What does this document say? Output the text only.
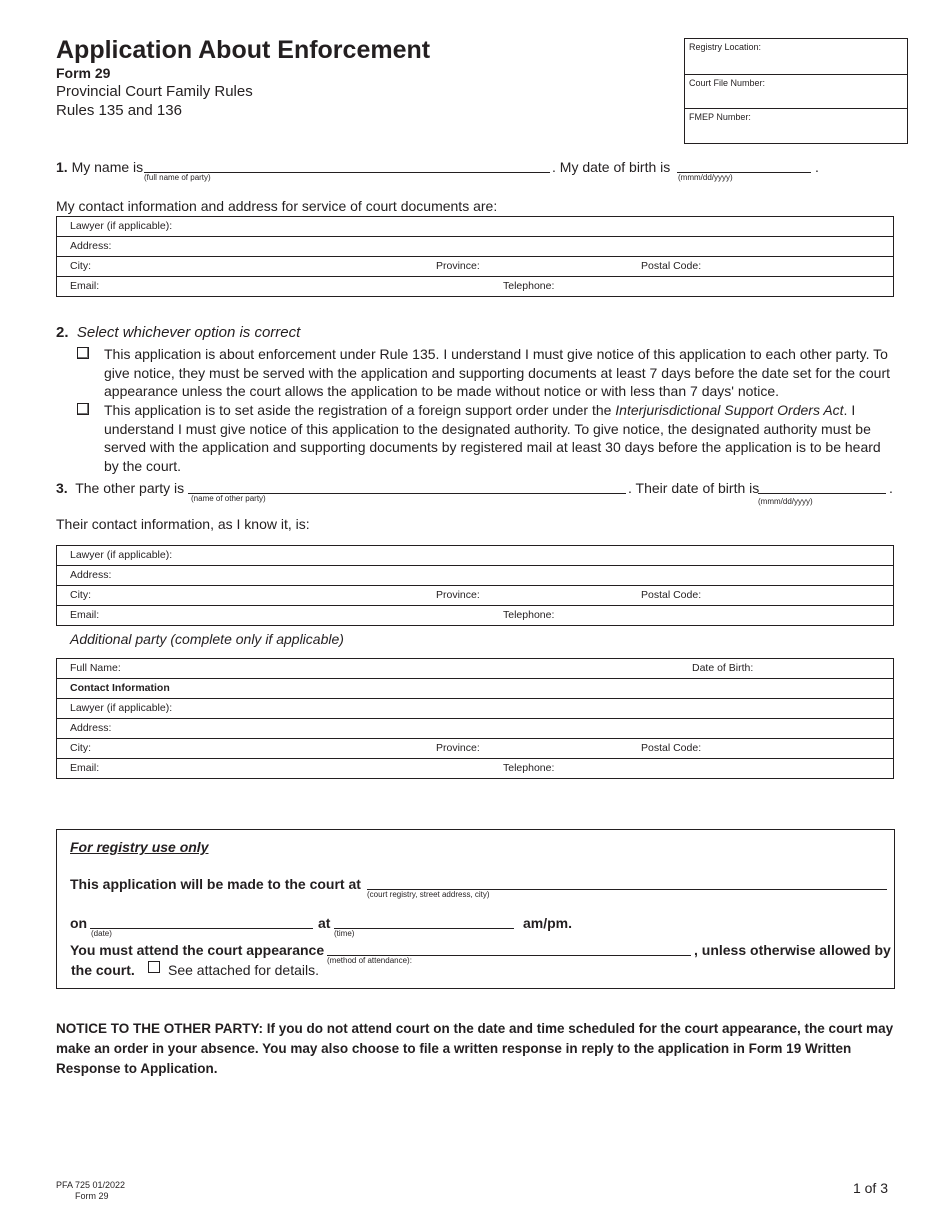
Application About Enforcement
Form 29
Provincial Court Family Rules
Rules 135 and 136
Registry Location:
Court File Number:
FMEP Number:
1. My name is
(full name of party)
. My date of birth is
(mmm/dd/yyyy)
.
My contact information and address for service of court documents are:
Lawyer (if applicable):

Address:

City:	Province:	Postal Code:

Email:	Telephone:
2. Select whichever option is correct
This application is about enforcement under Rule 135. I understand I must give notice of this application to each other party. To give notice, they must be served with the application and supporting documents at least 7 days before the date set for the court appearance unless the court allows the application to be made without notice or with less than 7 days' notice.
This application is to set aside the registration of a foreign support order under the Interjurisdictional Support Orders Act. I understand I must give notice of this application to the designated authority. To give notice, the designated authority must be served with the application and supporting documents by registered mail at least 30 days before the application is to be heard by the court.
3. The other party is
(name of other party)
. Their date of birth is
(mmm/dd/yyyy)
.
Their contact information, as I know it, is:
Lawyer (if applicable):

Address:

City:	Province:	Postal Code:

Email:	Telephone:
Additional party (complete only if applicable)
Full Name:	Date of Birth:

Contact Information

Lawyer (if applicable):

Address:

City:	Province:	Postal Code:

Email:	Telephone:
For registry use only
This application will be made to the court at
(court registry, street address, city)
on
(date)
at
(time)
am/pm.
You must attend the court appearance
(method of attendance):
, unless otherwise allowed by
the court. See attached for details.
NOTICE TO THE OTHER PARTY: If you do not attend court on the date and time scheduled for the court appearance, the court may make an order in your absence. You may also choose to file a written response in reply to the application in Form 19 Written Response to Application.
PFA 725 01/2022
Form 29	1 of 3
